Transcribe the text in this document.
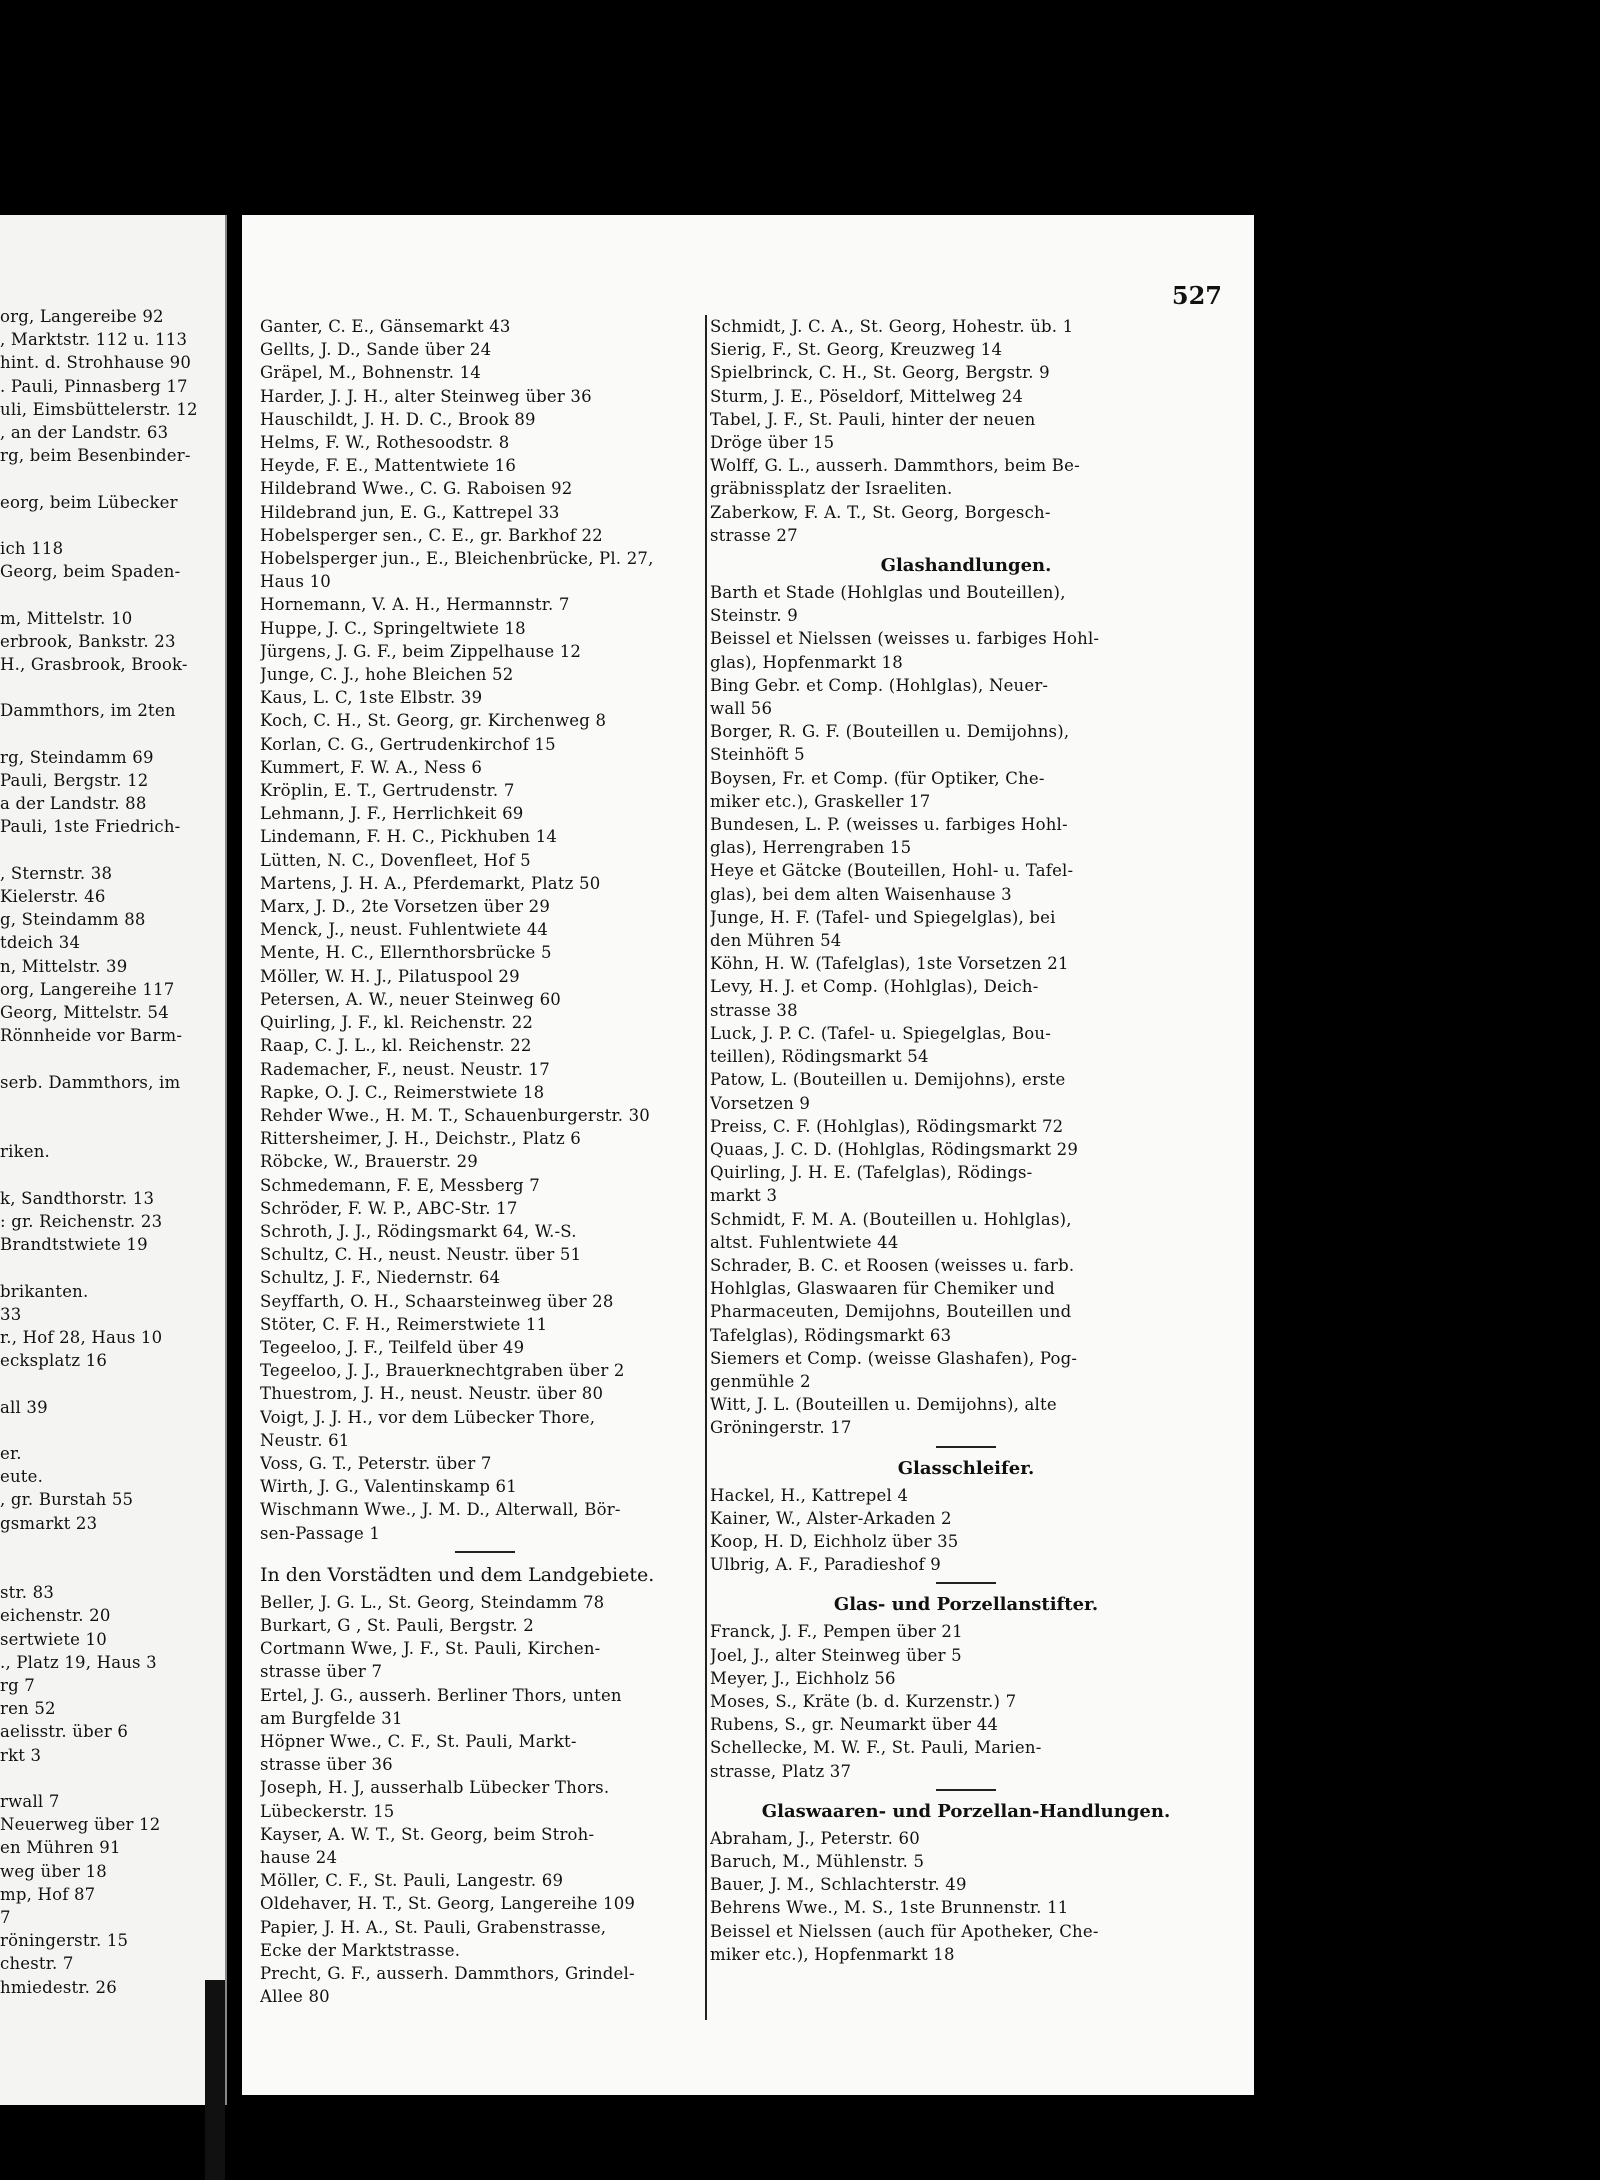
org, Langereibe 92
, Marktstr. 112 u. 113
hint. d. Strohhause 90
. Pauli, Pinnasberg 17
uli, Eimsbüttelerstr. 12
, an der Landstr. 63
rg, beim Besenbinder-

eorg, beim Lübecker

ich 118
Georg, beim Spaden-

m, Mittelstr. 10
erbrook, Bankstr. 23
H., Grasbrook, Brook-

Dammthors, im 2ten

rg, Steindamm 69
Pauli, Bergstr. 12
a der Landstr. 88
Pauli, 1ste Friedrich-

, Sternstr. 38
Kielerstr. 46
g, Steindamm 88
tdeich 34
n, Mittelstr. 39
org, Langereihe 117
Georg, Mittelstr. 54
Rönnheide vor Barm-

serb. Dammthors, im

riken.

k, Sandthorstr. 13
: gr. Reichenstr. 23
Brandtstwiete 19

brikanten.
33
r., Hof 28, Haus 10
ecksplatz 16

all 39

er.
eute.
, gr. Burstah 55
gsmarkt 23

str. 83
eichenstr. 20
sertwiete 10
., Platz 19, Haus 3
rg 7
ren 52
aelisstr. über 6
rkt 3

rwall 7
Neuerweg über 12
en Mühren 91
weg über 18
mp, Hof 87
7
röningerstr. 15
chestr. 7
hmiedestr. 26
527
Ganter, C. E., Gänsemarkt 43
Gellts, J. D., Sande über 24
Gräpel, M., Bohnenstr. 14
Harder, J. J. H., alter Steinweg über 36
Hauschildt, J. H. D. C., Brook 89
Helms, F. W., Rothesoodstr. 8
Heyde, F. E., Mattentwiete 16
Hildebrand Wwe., C. G. Raboisen 92
Hildebrand jun, E. G., Kattrepel 33
Hobelsperger sen., C. E., gr. Barkhof 22
Hobelsperger jun., E., Bleichenbrücke, Pl. 27,
Haus 10
Hornemann, V. A. H., Hermannstr. 7
Huppe, J. C., Springeltwiete 18
Jürgens, J. G. F., beim Zippelhause 12
Junge, C. J., hohe Bleichen 52
Kaus, L. C, 1ste Elbstr. 39
Koch, C. H., St. Georg, gr. Kirchenweg 8
Korlan, C. G., Gertrudenkirchof 15
Kummert, F. W. A., Ness 6
Kröplin, E. T., Gertrudenstr. 7
Lehmann, J. F., Herrlichkeit 69
Lindemann, F. H. C., Pickhuben 14
Lütten, N. C., Dovenfleet, Hof 5
Martens, J. H. A., Pferdemarkt, Platz 50
Marx, J. D., 2te Vorsetzen über 29
Menck, J., neust. Fuhlentwiete 44
Mente, H. C., Ellernthorsbrücke 5
Möller, W. H. J., Pilatuspool 29
Petersen, A. W., neuer Steinweg 60
Quirling, J. F., kl. Reichenstr. 22
Raap, C. J. L., kl. Reichenstr. 22
Rademacher, F., neust. Neustr. 17
Rapke, O. J. C., Reimerstwiete 18
Rehder Wwe., H. M. T., Schauenburgerstr. 30
Rittersheimer, J. H., Deichstr., Platz 6
Röbcke, W., Brauerstr. 29
Schmedemann, F. E, Messberg 7
Schröder, F. W. P., ABC-Str. 17
Schroth, J. J., Rödingsmarkt 64, W.-S.
Schultz, C. H., neust. Neustr. über 51
Schultz, J. F., Niedernstr. 64
Seyffarth, O. H., Schaarsteinweg über 28
Stöter, C. F. H., Reimerstwiete 11
Tegeeloo, J. F., Teilfeld über 49
Tegeeloo, J. J., Brauerknechtgraben über 2
Thuestrom, J. H., neust. Neustr. über 80
Voigt, J. J. H., vor dem Lübecker Thore,
Neustr. 61
Voss, G. T., Peterstr. über 7
Wirth, J. G., Valentinskamp 61
Wischmann Wwe., J. M. D., Alterwall, Bör-
sen-Passage 1
In den Vorstädten und dem Landgebiete.
Beller, J. G. L., St. Georg, Steindamm 78
Burkart, G , St. Pauli, Bergstr. 2
Cortmann Wwe, J. F., St. Pauli, Kirchen-
strasse über 7
Ertel, J. G., ausserh. Berliner Thors, unten
am Burgfelde 31
Höpner Wwe., C. F., St. Pauli, Markt-
strasse über 36
Joseph, H. J, ausserhalb Lübecker Thors.
Lübeckerstr. 15
Kayser, A. W. T., St. Georg, beim Stroh-
hause 24
Möller, C. F., St. Pauli, Langestr. 69
Oldehaver, H. T., St. Georg, Langereihe 109
Papier, J. H. A., St. Pauli, Grabenstrasse,
Ecke der Marktstrasse.
Precht, G. F., ausserh. Dammthors, Grindel-
Allee 80
Schmidt, J. C. A., St. Georg, Hohestr. üb. 1
Sierig, F., St. Georg, Kreuzweg 14
Spielbrinck, C. H., St. Georg, Bergstr. 9
Sturm, J. E., Pöseldorf, Mittelweg 24
Tabel, J. F., St. Pauli, hinter der neuen
Dröge über 15
Wolff, G. L., ausserh. Dammthors, beim Be-
gräbnissplatz der Israeliten.
Zaberkow, F. A. T., St. Georg, Borgesch-
strasse 27
Glashandlungen.
Barth et Stade (Hohlglas und Bouteillen),
Steinstr. 9
Beissel et Nielssen (weisses u. farbiges Hohl-
glas), Hopfenmarkt 18
Bing Gebr. et Comp. (Hohlglas), Neuer-
wall 56
Borger, R. G. F. (Bouteillen u. Demijohns),
Steinhöft 5
Boysen, Fr. et Comp. (für Optiker, Che-
miker etc.), Graskeller 17
Bundesen, L. P. (weisses u. farbiges Hohl-
glas), Herrengraben 15
Heye et Gätcke (Bouteillen, Hohl- u. Tafel-
glas), bei dem alten Waisenhause 3
Junge, H. F. (Tafel- und Spiegelglas), bei
den Mühren 54
Köhn, H. W. (Tafelglas), 1ste Vorsetzen 21
Levy, H. J. et Comp. (Hohlglas), Deich-
strasse 38
Luck, J. P. C. (Tafel- u. Spiegelglas, Bou-
teillen), Rödingsmarkt 54
Patow, L. (Bouteillen u. Demijohns), erste
Vorsetzen 9
Preiss, C. F. (Hohlglas), Rödingsmarkt 72
Quaas, J. C. D. (Hohlglas, Rödingsmarkt 29
Quirling, J. H. E. (Tafelglas), Rödings-
markt 3
Schmidt, F. M. A. (Bouteillen u. Hohlglas),
altst. Fuhlentwiete 44
Schrader, B. C. et Roosen (weisses u. farb.
Hohlglas, Glaswaaren für Chemiker und
Pharmaceuten, Demijohns, Bouteillen und
Tafelglas), Rödingsmarkt 63
Siemers et Comp. (weisse Glashafen), Pog-
genmühle 2
Witt, J. L. (Bouteillen u. Demijohns), alte
Gröningerstr. 17
Glasschleifer.
Hackel, H., Kattrepel 4
Kainer, W., Alster-Arkaden 2
Koop, H. D, Eichholz über 35
Ulbrig, A. F., Paradieshof 9
Glas- und Porzellanstifter.
Franck, J. F., Pempen über 21
Joel, J., alter Steinweg über 5
Meyer, J., Eichholz 56
Moses, S., Kräte (b. d. Kurzenstr.) 7
Rubens, S., gr. Neumarkt über 44
Schellecke, M. W. F., St. Pauli, Marien-
strasse, Platz 37
Glaswaaren- und Porzellan-Handlungen.
Abraham, J., Peterstr. 60
Baruch, M., Mühlenstr. 5
Bauer, J. M., Schlachterstr. 49
Behrens Wwe., M. S., 1ste Brunnenstr. 11
Beissel et Nielssen (auch für Apotheker, Che-
miker etc.), Hopfenmarkt 18
